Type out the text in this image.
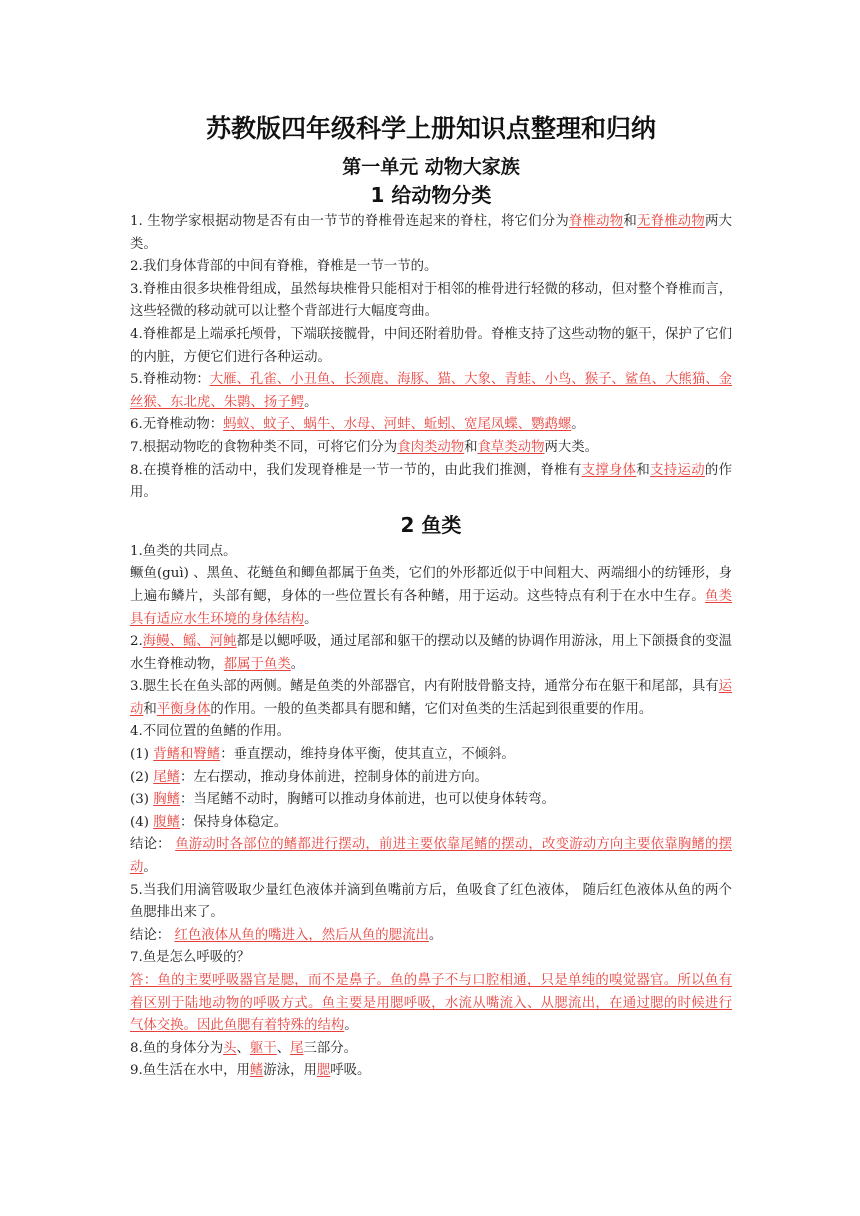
苏教版四年级科学上册知识点整理和归纳
第一单元 动物大家族
1 给动物分类

1. 生物学家根据动物是否有由一节节的脊椎骨连起来的脊柱，将它们分为脊椎动物和无脊椎动物两大类。

2.我们身体背部的中间有脊椎，脊椎是一节一节的。

3.脊椎由很多块椎骨组成，虽然每块椎骨只能相对于相邻的椎骨进行轻微的移动，但对整个脊椎而言，这些轻微的移动就可以让整个背部进行大幅度弯曲。

4.脊椎都是上端承托颅骨，下端联接髋骨，中间还附着肋骨。脊椎支持了这些动物的躯干，保护了它们的内脏，方便它们进行各种运动。

5.脊椎动物：大雁、孔雀、小丑鱼、长颈鹿、海豚、猫、大象、青蛙、小鸟、猴子、鲨鱼、大熊猫、金丝猴、东北虎、朱鹮、扬子鳄。

6.无脊椎动物：蚂蚁、蚊子、蜗牛、水母、河蚌、蚯蚓、宽尾凤蝶、鹦鹉螺。

7.根据动物吃的食物种类不同，可将它们分为食肉类动物和食草类动物两大类。

8.在摸脊椎的活动中，我们发现脊椎是一节一节的，由此我们推测，脊椎有支撑身体和支持运动的作用。

2 鱼类

1.鱼类的共同点。

鳜鱼(guì) 、黑鱼、花鲢鱼和鲫鱼都属于鱼类，它们的外形都近似于中间粗大、两端细小的纺锤形，身上遍布鳞片，头部有鳃，身体的一些位置长有各种鳍，用于运动。这些特点有利于在水中生存。鱼类具有适应水生环境的身体结构。

2.海鳗、鳐、河鲀都是以鳃呼吸，通过尾部和躯干的摆动以及鳍的协调作用游泳，用上下颌摄食的变温水生脊椎动物，都属于鱼类。

3.腮生长在鱼头部的两侧。鳍是鱼类的外部器官，内有附肢骨骼支持，通常分布在躯干和尾部，具有运动和平衡身体的作用。一般的鱼类都具有腮和鳍，它们对鱼类的生活起到很重要的作用。

4.不同位置的鱼鳍的作用。

(1) 背鳍和臀鳍：垂直摆动，维持身体平衡，使其直立，不倾斜。

(2) 尾鳍：左右摆动，推动身体前进，控制身体的前进方向。

(3) 胸鳍：当尾鳍不动时，胸鳍可以推动身体前进，也可以使身体转弯。

(4) 腹鳍：保持身体稳定。

结论： 鱼游动时各部位的鳍都进行摆动，前进主要依靠尾鳍的摆动，改变游动方向主要依靠胸鳍的摆动。

5.当我们用滴管吸取少量红色液体并滴到鱼嘴前方后，鱼吸食了红色液体， 随后红色液体从鱼的两个鱼腮排出来了。

结论： 红色液体从鱼的嘴进入，然后从鱼的腮流出。

7.鱼是怎么呼吸的？

答：鱼的主要呼吸器官是腮，而不是鼻子。鱼的鼻子不与口腔相通，只是单纯的嗅觉器官。所以鱼有着区别于陆地动物的呼吸方式。鱼主要是用腮呼吸，水流从嘴流入、从腮流出，在通过腮的时候进行气体交换。因此鱼腮有着特殊的结构。

8.鱼的身体分为头、躯干、尾三部分。

9.鱼生活在水中，用鳍游泳，用腮呼吸。
